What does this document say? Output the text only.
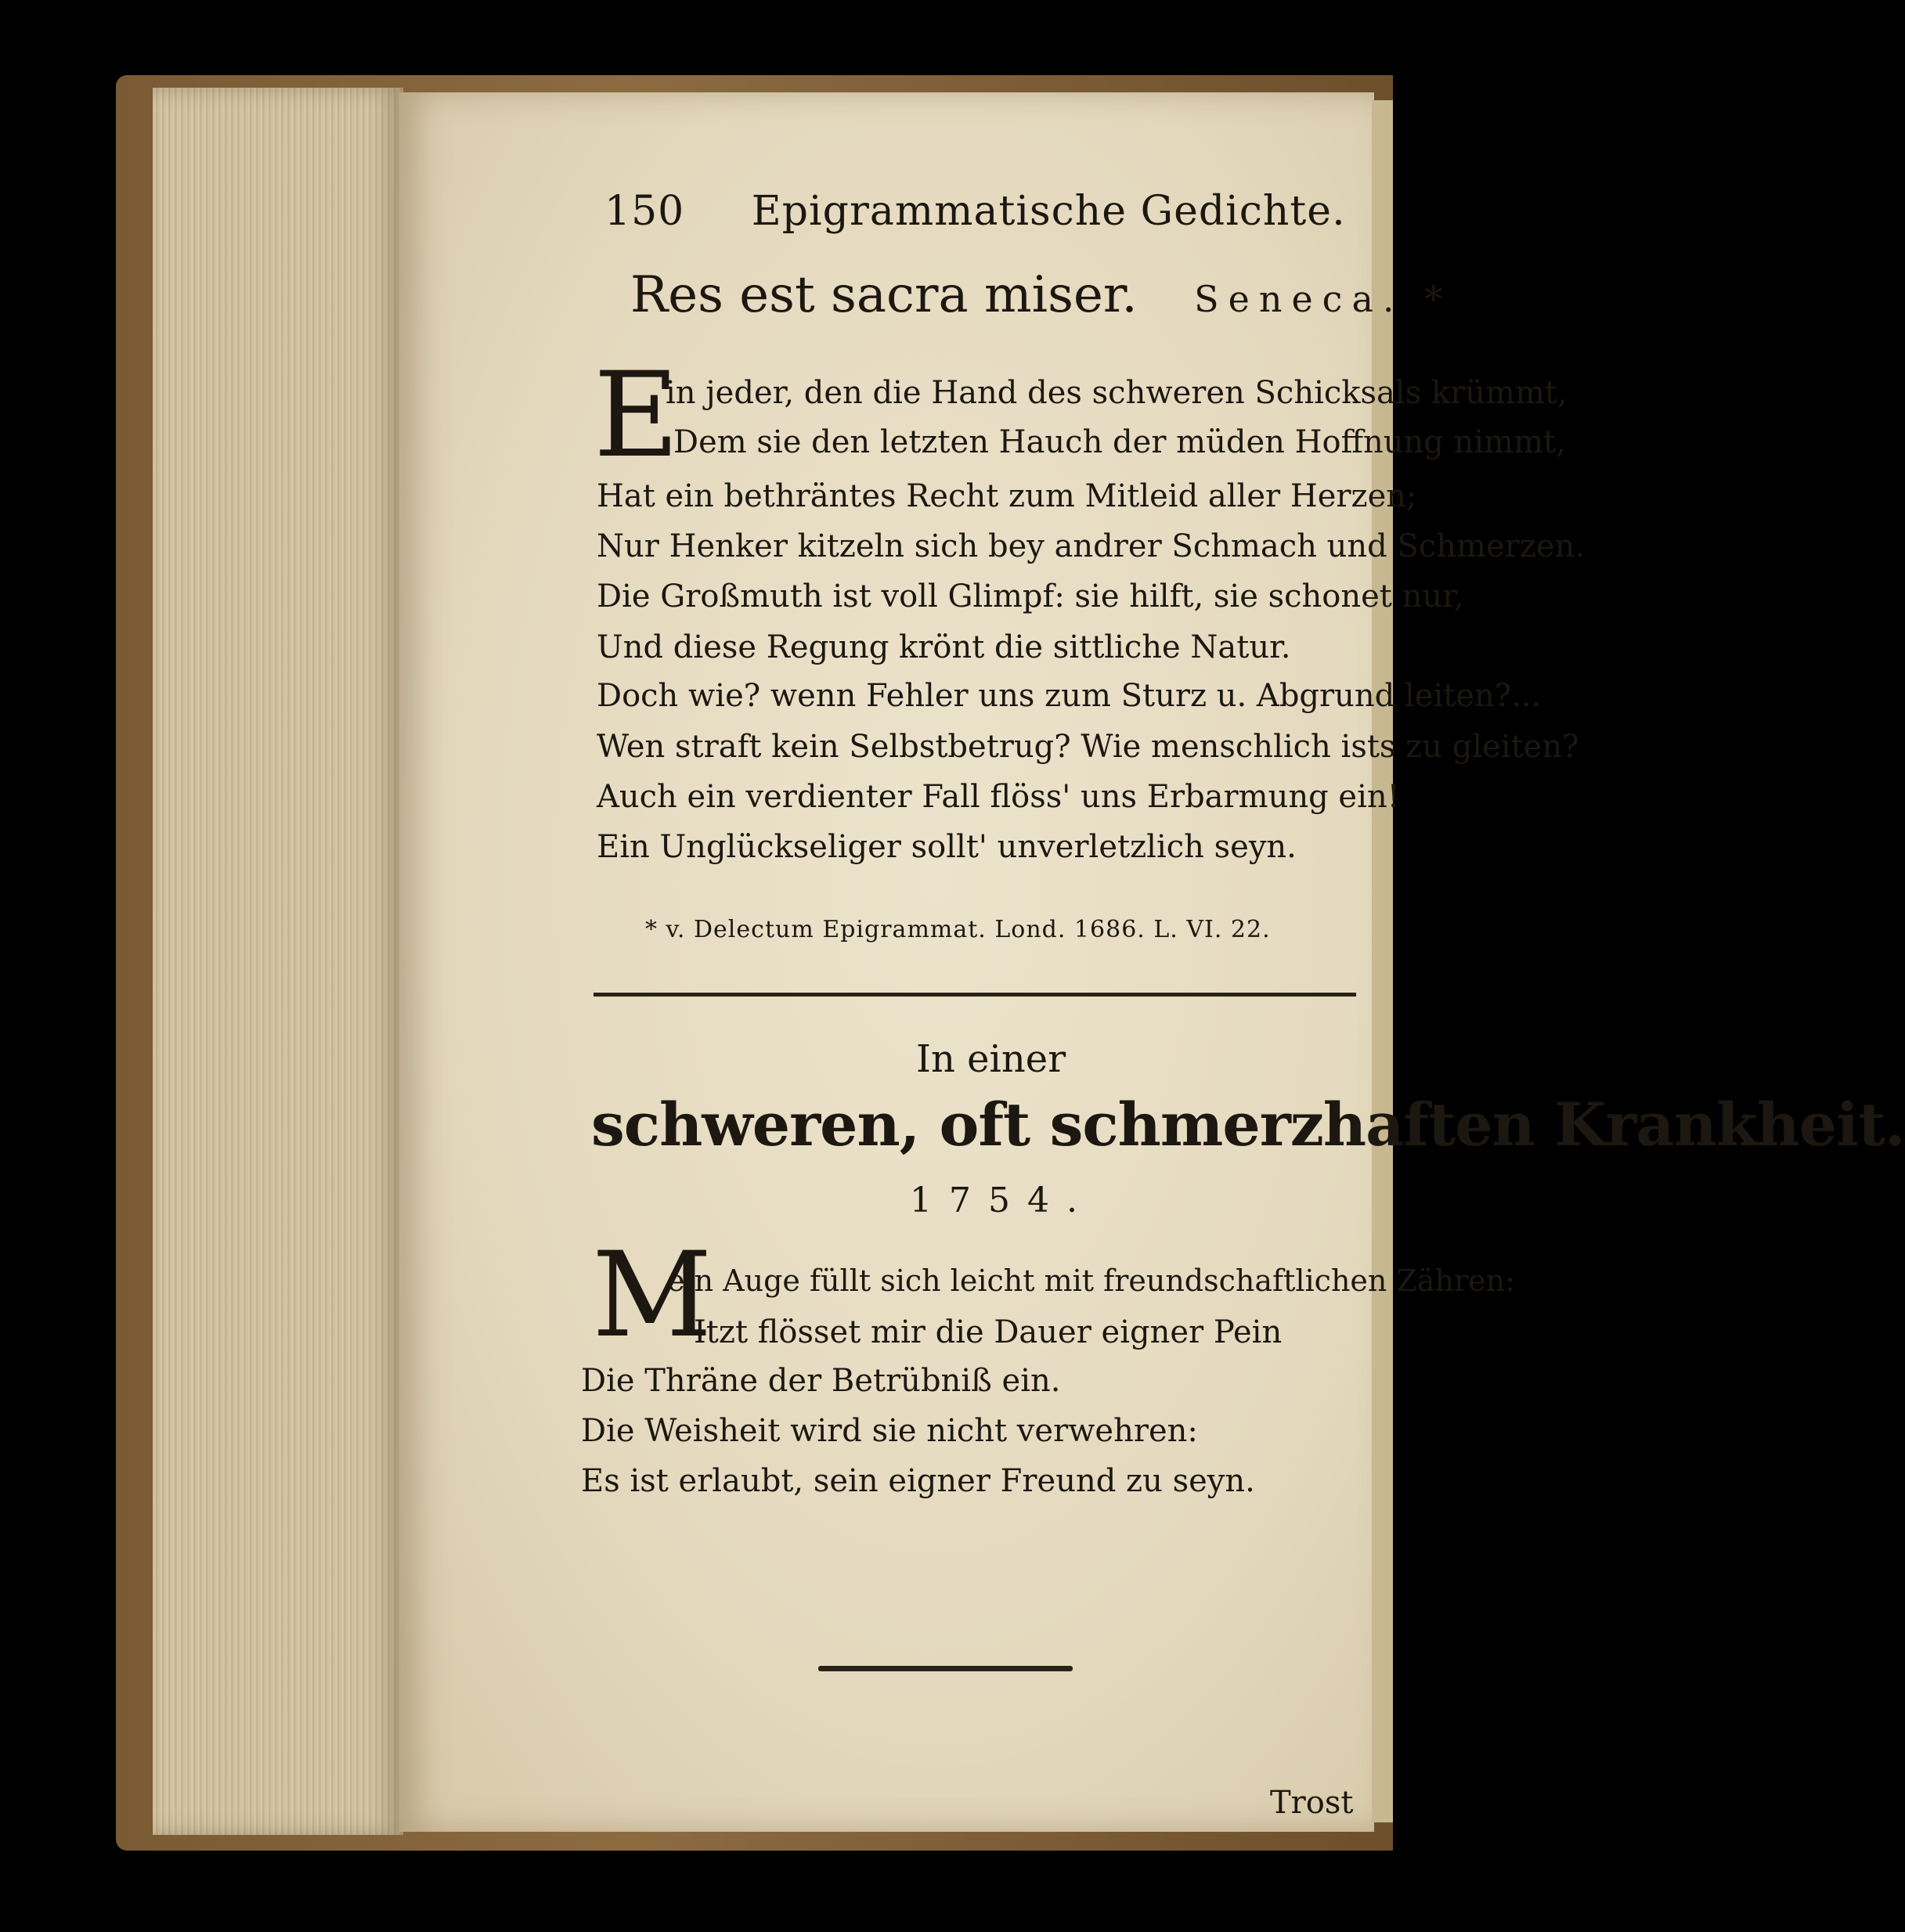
150 Epigrammatische Gedichte.
Res est sacra miser. Seneca. *
E
in jeder, den die Hand des schweren Schicksals krümmt,
Dem sie den letzten Hauch der müden Hoffnung nimmt,
Hat ein bethräntes Recht zum Mitleid aller Herzen;
Nur Henker kitzeln sich bey andrer Schmach und Schmerzen.
Die Großmuth ist voll Glimpf: sie hilft, sie schonet nur,
Und diese Regung krönt die sittliche Natur.
Doch wie? wenn Fehler uns zum Sturz u. Abgrund leiten?...
Wen straft kein Selbstbetrug? Wie menschlich ists zu gleiten?
Auch ein verdienter Fall flöss' uns Erbarmung ein!
Ein Unglückseliger sollt' unverletzlich seyn.
* v. Delectum Epigrammat. Lond. 1686. L. VI. 22.
In einer
schweren, oft schmerzhaften Krankheit.
1754.
M
ein Auge füllt sich leicht mit freundschaftlichen Zähren:
Itzt flösset mir die Dauer eigner Pein
Die Thräne der Betrübniß ein.
Die Weisheit wird sie nicht verwehren:
Es ist erlaubt, sein eigner Freund zu seyn.
Trost
